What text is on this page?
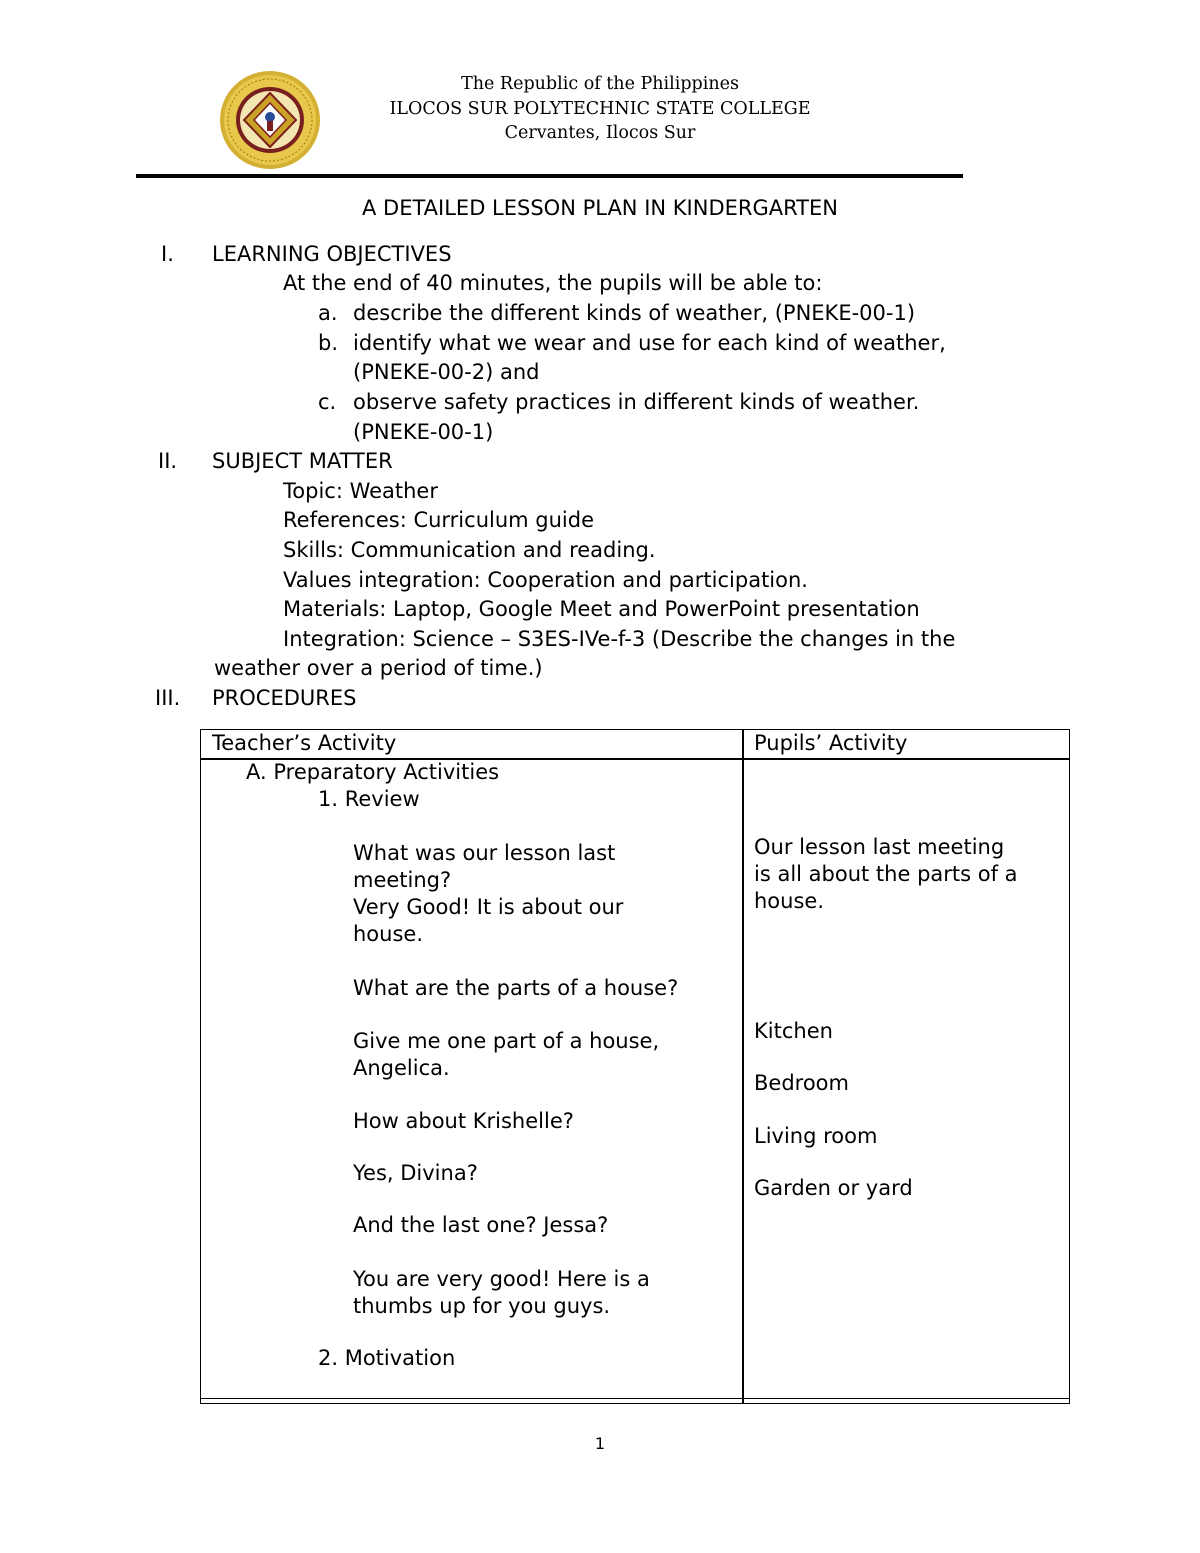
The Republic of the Philippines
ILOCOS SUR POLYTECHNIC STATE COLLEGE
Cervantes, Ilocos Sur
A DETAILED LESSON PLAN IN KINDERGARTEN
I. LEARNING OBJECTIVES
At the end of 40 minutes, the pupils will be able to:
a. describe the different kinds of weather, (PNEKE-00-1)
b. identify what we wear and use for each kind of weather,
(PNEKE-00-2) and
c. observe safety practices in different kinds of weather.
(PNEKE-00-1)
II. SUBJECT MATTER
Topic: Weather
References: Curriculum guide
Skills: Communication and reading.
Values integration: Cooperation and participation.
Materials: Laptop, Google Meet and PowerPoint presentation
Integration: Science – S3ES-IVe-f-3 (Describe the changes in the
weather over a period of time.)
III. PROCEDURES
Teacher’s Activity	Pupils’ Activity
A. Preparatory Activities
1. Review
What was our lesson last
meeting?
Very Good! It is about our
house.
What are the parts of a house?
Give me one part of a house,
Angelica.
How about Krishelle?
Yes, Divina?
And the last one? Jessa?
You are very good! Here is a
thumbs up for you guys.
2. Motivation
Our lesson last meeting
is all about the parts of a
house.
Kitchen
Bedroom
Living room
Garden or yard
1
